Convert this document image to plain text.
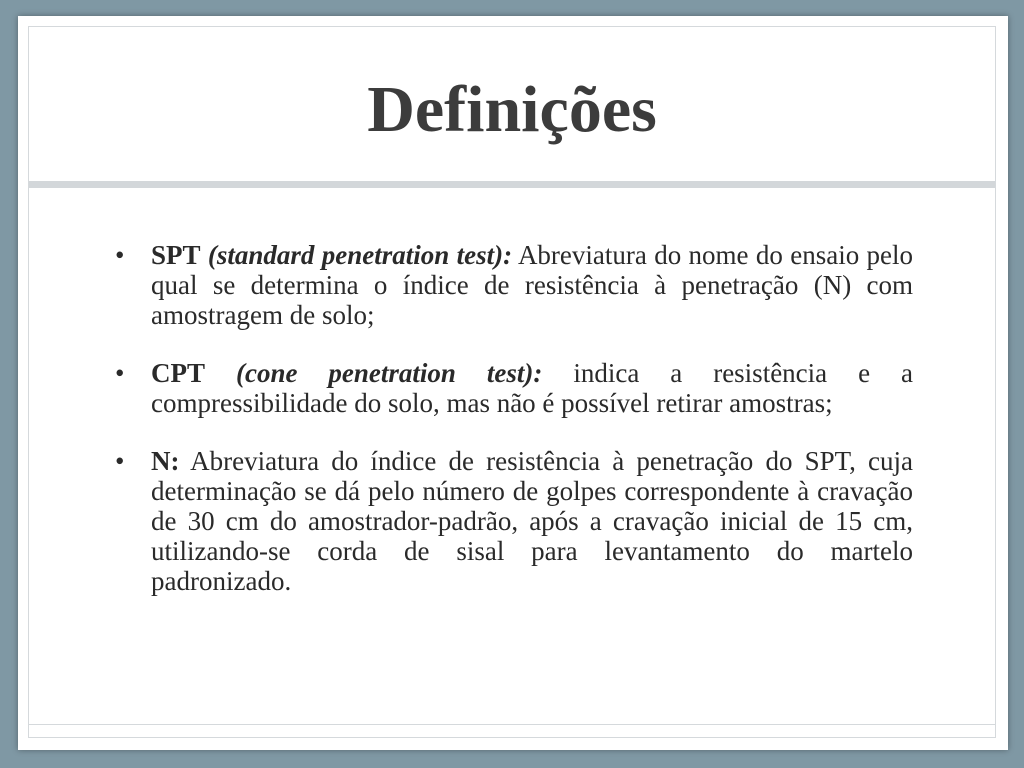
Definições

• SPT (standard penetration test): Abreviatura do nome do ensaio pelo qual se determina o índice de resistência à penetração (N) com amostragem de solo;

• CPT (cone penetration test): indica a resistência e a compressibilidade do solo, mas não é possível retirar amostras;

• N: Abreviatura do índice de resistência à penetração do SPT, cuja determinação se dá pelo número de golpes correspondente à cravação de 30 cm do amostrador-padrão, após a cravação inicial de 15 cm, utilizando-se corda de sisal para levantamento do martelo padronizado.
